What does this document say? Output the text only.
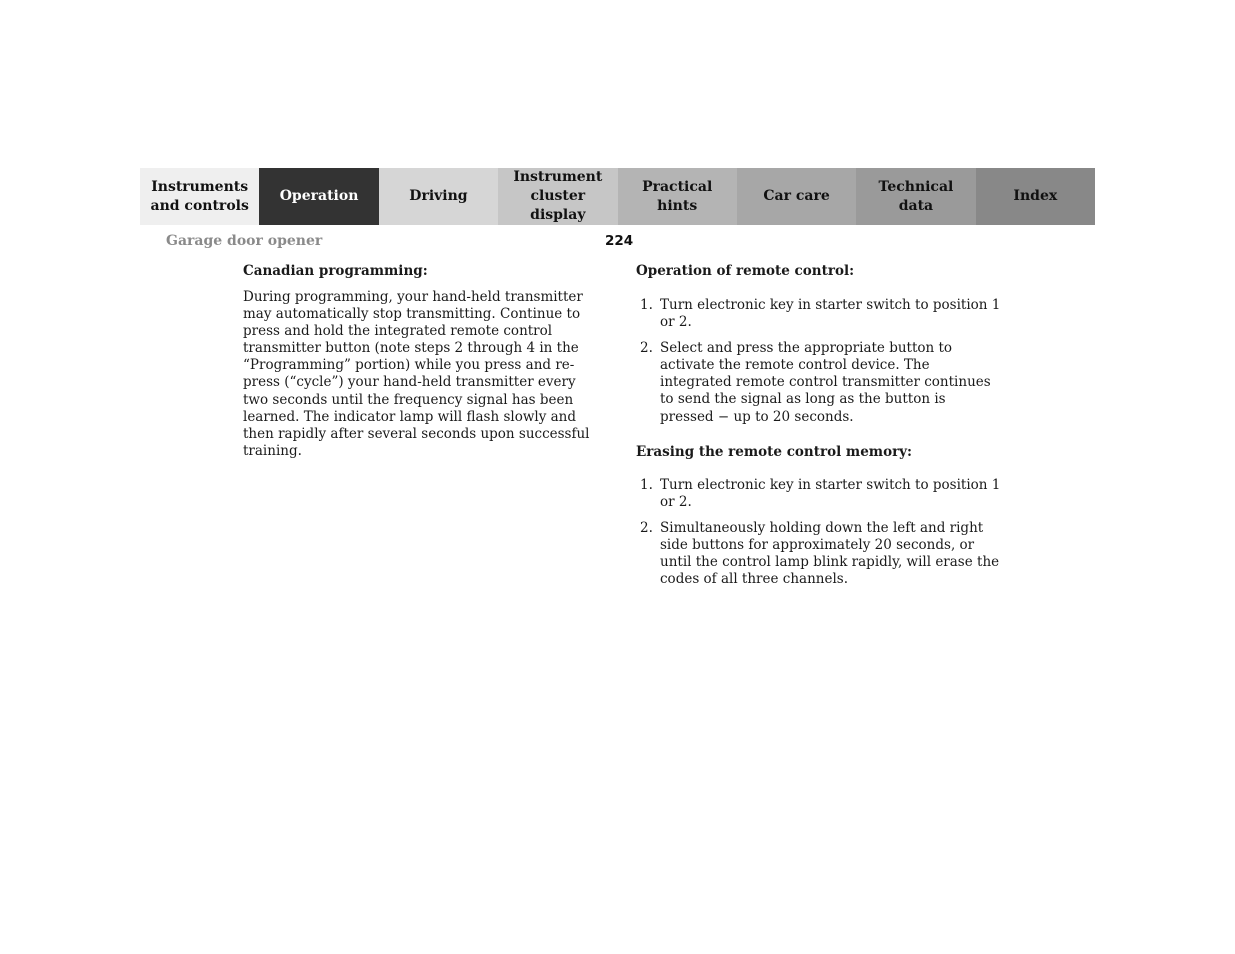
Instruments
and controls
Operation	Driving
Instrument
cluster display
Practical hints
Car care
Technical
data
Index
Garage door opener	224
Canadian programming:

During programming, your hand-held transmitter may automatically stop transmitting. Continue to press and hold the integrated remote control transmitter button (note steps 2 through 4 in the “Programming” portion) while you press and re-press (“cycle”) your hand-held transmitter every two seconds until the frequency signal has been learned. The indicator lamp will flash slowly and then rapidly after several seconds upon successful training.

Operation of remote control:
1. Turn electronic key in starter switch to position 1 or 2.
2. Select and press the appropriate button to activate the remote control device. The integrated remote control transmitter continues to send the signal as long as the button is pressed − up to 20 seconds.
Erasing the remote control memory:
1. Turn electronic key in starter switch to position 1 or 2.
2. Simultaneously holding down the left and right side buttons for approximately 20 seconds, or until the control lamp blink rapidly, will erase the codes of all three channels.
